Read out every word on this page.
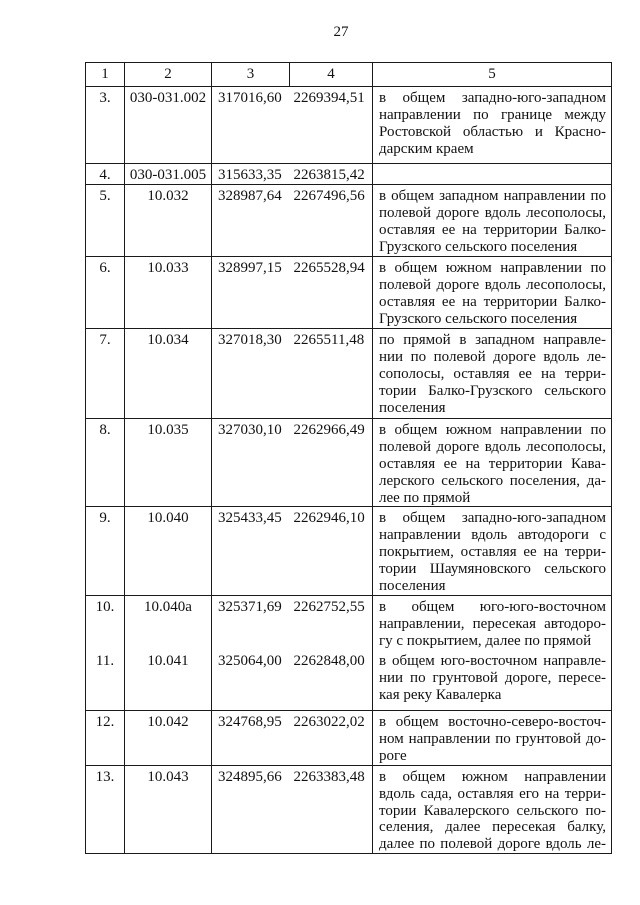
27
1	2	3	4	5
3.	030-031.002	317016,60	2269394,51	в общем западно-юго-западном
направлении по границе между
Ростовской областью и Красно-
дарским краем

4.	030-031.005	315633,35	2263815,42	
5.	10.032	328987,64	2267496,56	в общем западном направлении по
полевой дороге вдоль лесополосы,
оставляя ее на территории Балко-
Грузского сельского поселения

6.	10.033	328997,15	2265528,94	в общем южном направлении по
полевой дороге вдоль лесополосы,
оставляя ее на территории Балко-
Грузского сельского поселения

7.	10.034	327018,30	2265511,48	по прямой в западном направле-
нии по полевой дороге вдоль ле-
сополосы, оставляя ее на терри-
тории Балко-Грузского сельского
поселения

8.	10.035	327030,10	2262966,49	в общем южном направлении по
полевой дороге вдоль лесополосы,
оставляя ее на территории Кава-
лерского сельского поселения, да-
лее по прямой

9.	10.040	325433,45	2262946,10	в общем западно-юго-западном
направлении вдоль автодороги с
покрытием, оставляя ее на терри-
тории Шаумяновского сельского
поселения

10.	10.040а	325371,69	2262752,55	в общем юго-юго-восточном
направлении, пересекая автодоро-
гу с покрытием, далее по прямой

11.	10.041	325064,00	2262848,00	в общем юго-восточном направле-
нии по грунтовой дороге, пересе-
кая реку Кавалерка

12.	10.042	324768,95	2263022,02	в общем восточно-северо-восточ-
ном направлении по грунтовой до-
роге

13.	10.043	324895,66	2263383,48	в общем южном направлении
вдоль сада, оставляя его на терри-
тории Кавалерского сельского по-
селения, далее пересекая балку,
далее по полевой дороге вдоль ле-
